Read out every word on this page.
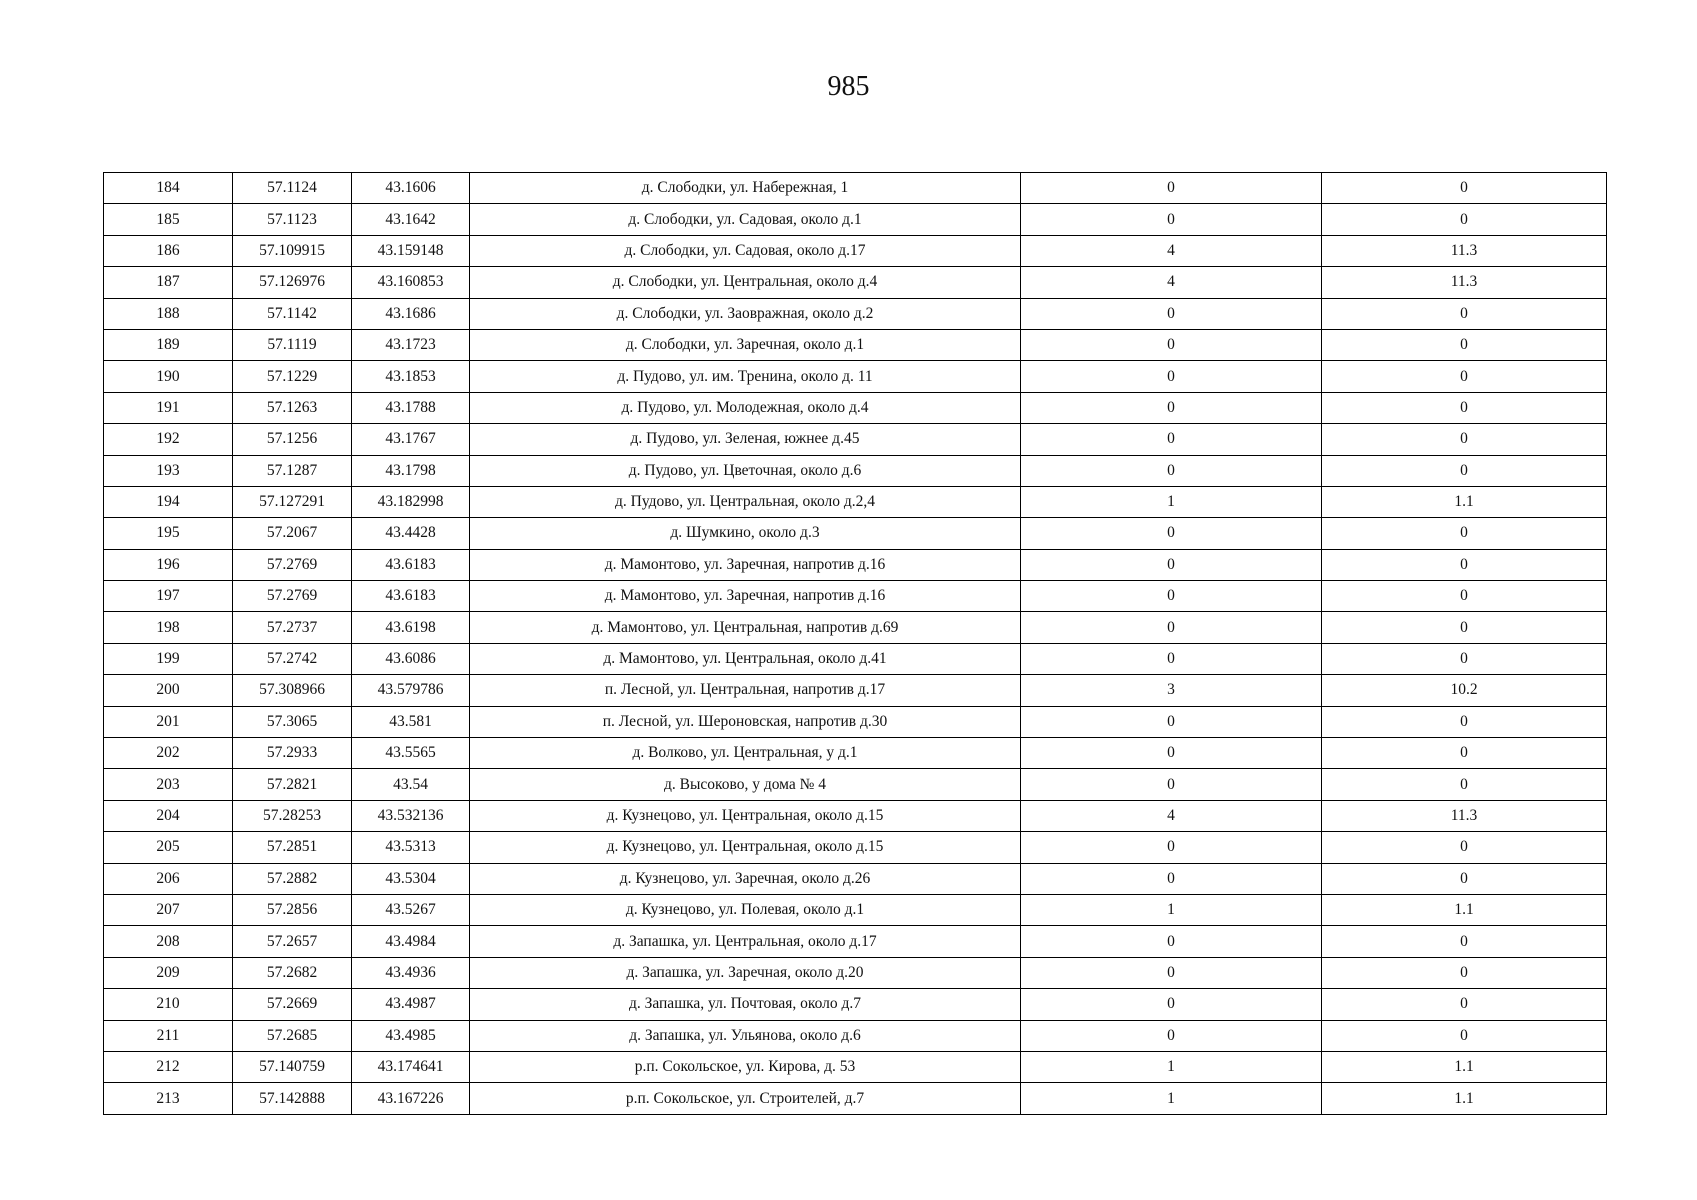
985
184	57.1124	43.1606	д. Слободки, ул. Набережная, 1	0	0
185	57.1123	43.1642	д. Слободки, ул. Садовая, около д.1	0	0
186	57.109915	43.159148	д. Слободки, ул. Садовая, около д.17	4	11.3
187	57.126976	43.160853	д. Слободки, ул. Центральная, около д.4	4	11.3
188	57.1142	43.1686	д. Слободки, ул. Заовражная, около д.2	0	0
189	57.1119	43.1723	д. Слободки, ул. Заречная, около д.1	0	0
190	57.1229	43.1853	д. Пудово, ул. им. Тренина, около д. 11	0	0
191	57.1263	43.1788	д. Пудово, ул. Молодежная, около д.4	0	0
192	57.1256	43.1767	д. Пудово, ул. Зеленая, южнее д.45	0	0
193	57.1287	43.1798	д. Пудово, ул. Цветочная, около д.6	0	0
194	57.127291	43.182998	д. Пудово, ул. Центральная, около д.2,4	1	1.1
195	57.2067	43.4428	д. Шумкино, около д.3	0	0
196	57.2769	43.6183	д. Мамонтово, ул. Заречная, напротив д.16	0	0
197	57.2769	43.6183	д. Мамонтово, ул. Заречная, напротив д.16	0	0
198	57.2737	43.6198	д. Мамонтово, ул. Центральная, напротив д.69	0	0
199	57.2742	43.6086	д. Мамонтово, ул. Центральная, около д.41	0	0
200	57.308966	43.579786	п. Лесной, ул. Центральная, напротив д.17	3	10.2
201	57.3065	43.581	п. Лесной, ул. Шероновская, напротив д.30	0	0
202	57.2933	43.5565	д. Волково, ул. Центральная, у д.1	0	0
203	57.2821	43.54	д. Высоково, у дома № 4	0	0
204	57.28253	43.532136	д. Кузнецово, ул. Центральная, около д.15	4	11.3
205	57.2851	43.5313	д. Кузнецово, ул. Центральная, около д.15	0	0
206	57.2882	43.5304	д. Кузнецово, ул. Заречная, около д.26	0	0
207	57.2856	43.5267	д. Кузнецово, ул. Полевая, около д.1	1	1.1
208	57.2657	43.4984	д. Запашка, ул. Центральная, около д.17	0	0
209	57.2682	43.4936	д. Запашка, ул. Заречная, около д.20	0	0
210	57.2669	43.4987	д. Запашка, ул. Почтовая, около д.7	0	0
211	57.2685	43.4985	д. Запашка, ул. Ульянова, около д.6	0	0
212	57.140759	43.174641	р.п. Сокольское, ул. Кирова, д. 53	1	1.1
213	57.142888	43.167226	р.п. Сокольское, ул. Строителей, д.7	1	1.1
